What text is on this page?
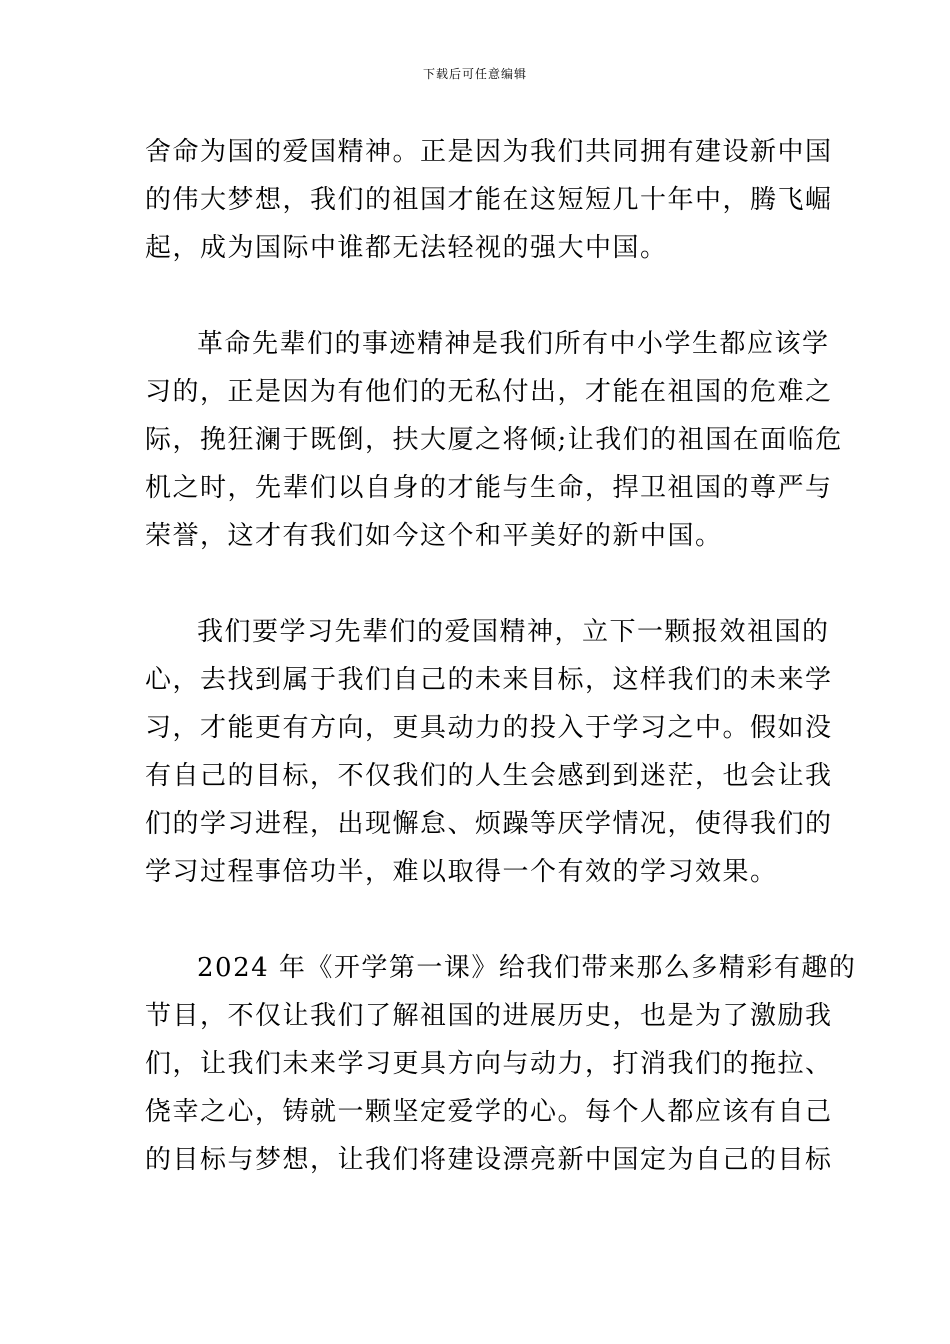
下载后可任意编辑
舍命为国的爱国精神。正是因为我们共同拥有建设新中国
的伟大梦想，我们的祖国才能在这短短几十年中，腾飞崛
起，成为国际中谁都无法轻视的强大中国。
革命先辈们的事迹精神是我们所有中小学生都应该学
习的，正是因为有他们的无私付出，才能在祖国的危难之
际，挽狂澜于既倒，扶大厦之将倾;让我们的祖国在面临危
机之时，先辈们以自身的才能与生命，捍卫祖国的尊严与
荣誉，这才有我们如今这个和平美好的新中国。
我们要学习先辈们的爱国精神，立下一颗报效祖国的
心，去找到属于我们自己的未来目标，这样我们的未来学
习，才能更有方向，更具动力的投入于学习之中。假如没
有自己的目标，不仅我们的人生会感到到迷茫，也会让我
们的学习进程，出现懈怠、烦躁等厌学情况，使得我们的
学习过程事倍功半，难以取得一个有效的学习效果。
2024 年《开学第一课》给我们带来那么多精彩有趣的
节目，不仅让我们了解祖国的进展历史，也是为了激励我
们，让我们未来学习更具方向与动力，打消我们的拖拉、
侥幸之心，铸就一颗坚定爱学的心。每个人都应该有自己
的目标与梦想，让我们将建设漂亮新中国定为自己的目标
